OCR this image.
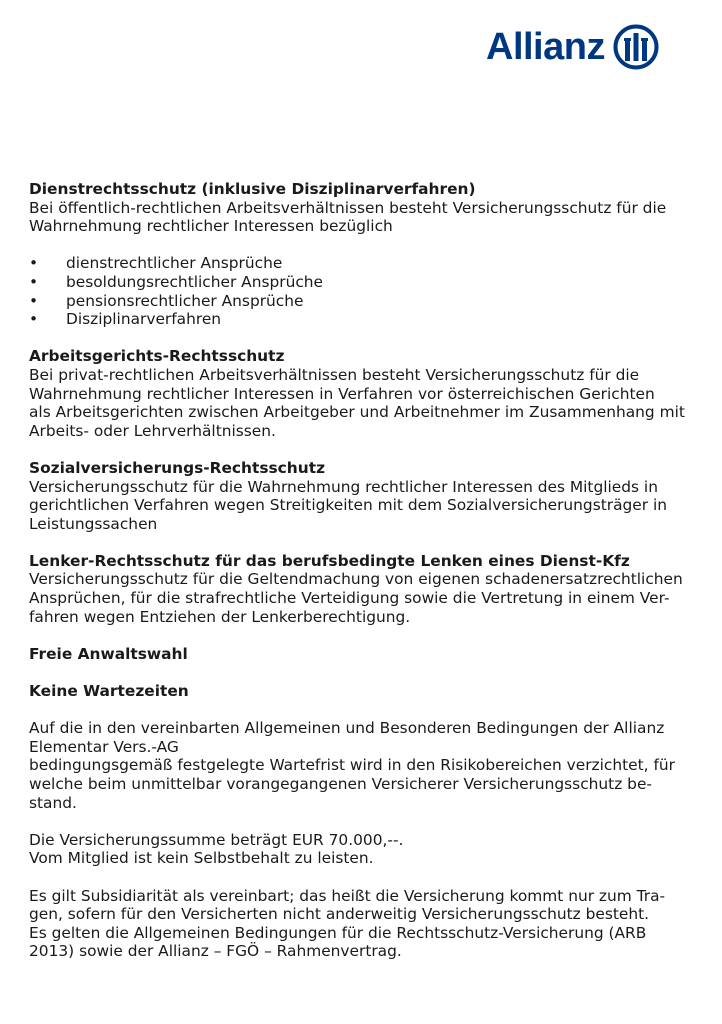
Allianz

Dienstrechtsschutz (inklusive Disziplinarverfahren)

Bei öffentlich-rechtlichen Arbeitsverhältnissen besteht Versicherungsschutz für die

Wahrnehmung rechtlicher Interessen bezüglich

• dienstrechtlicher Ansprüche
• besoldungsrechtlicher Ansprüche
• pensionsrechtlicher Ansprüche
• Disziplinarverfahren

Arbeitsgerichts-Rechtsschutz

Bei privat-rechtlichen Arbeitsverhältnissen besteht Versicherungsschutz für die

Wahrnehmung rechtlicher Interessen in Verfahren vor österreichischen Gerichten

als Arbeitsgerichten zwischen Arbeitgeber und Arbeitnehmer im Zusammenhang mit

Arbeits- oder Lehrverhältnissen.

Sozialversicherungs-Rechtsschutz

Versicherungsschutz für die Wahrnehmung rechtlicher Interessen des Mitglieds in

gerichtlichen Verfahren wegen Streitigkeiten mit dem Sozialversicherungsträger in

Leistungssachen

Lenker-Rechtsschutz für das berufsbedingte Lenken eines Dienst-Kfz

Versicherungsschutz für die Geltendmachung von eigenen schadenersatzrechtlichen

Ansprüchen, für die strafrechtliche Verteidigung sowie die Vertretung in einem Ver-

fahren wegen Entziehen der Lenkerberechtigung.

Freie Anwaltswahl

Keine Wartezeiten

Auf die in den vereinbarten Allgemeinen und Besonderen Bedingungen der Allianz

Elementar Vers.-AG

bedingungsgemäß festgelegte Wartefrist wird in den Risikobereichen verzichtet, für

welche beim unmittelbar vorangegangenen Versicherer Versicherungsschutz be-

stand.

Die Versicherungssumme beträgt EUR 70.000,--.

Vom Mitglied ist kein Selbstbehalt zu leisten.

Es gilt Subsidiarität als vereinbart; das heißt die Versicherung kommt nur zum Tra-

gen, sofern für den Versicherten nicht anderweitig Versicherungsschutz besteht.

Es gelten die Allgemeinen Bedingungen für die Rechtsschutz-Versicherung (ARB

2013) sowie der Allianz – FGÖ – Rahmenvertrag.
